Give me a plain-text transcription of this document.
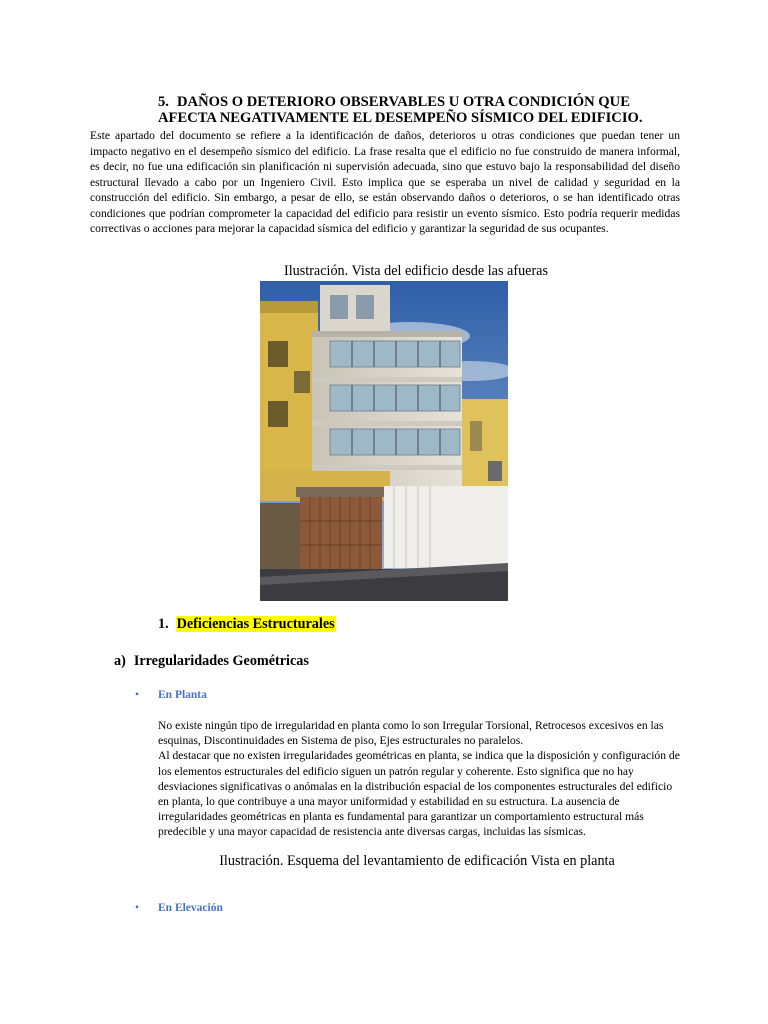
5. DAÑOS O DETERIORO OBSERVABLES U OTRA CONDICIÓN QUE
AFECTA NEGATIVAMENTE EL DESEMPEÑO SÍSMICO DEL EDIFICIO.
Este apartado del documento se refiere a la identificación de daños, deterioros u otras condiciones que puedan tener un impacto negativo en el desempeño sísmico del edificio. La frase resalta que el edificio no fue construido de manera informal, es decir, no fue una edificación sin planificación ni supervisión adecuada, sino que estuvo bajo la responsabilidad del diseño estructural llevado a cabo por un Ingeniero Civil. Esto implica que se esperaba un nivel de calidad y seguridad en la construcción del edificio. Sin embargo, a pesar de ello, se están observando daños o deterioros, o se han identificado otras condiciones que podrían comprometer la capacidad del edificio para resistir un evento sísmico. Esto podría requerir medidas correctivas o acciones para mejorar la capacidad sísmica del edificio y garantizar la seguridad de sus ocupantes.
Ilustración. Vista del edificio desde las afueras
1. Deficiencias Estructurales
a) Irregularidades Geométricas
• En Planta

No existe ningún tipo de irregularidad en planta como lo son Irregular Torsional, Retrocesos excesivos en las esquinas, Discontinuidades en Sistema de piso, Ejes estructurales no paralelos.

Al destacar que no existen irregularidades geométricas en planta, se indica que la disposición y configuración de los elementos estructurales del edificio siguen un patrón regular y coherente. Esto significa que no hay desviaciones significativas o anómalas en la distribución espacial de los componentes estructurales del edificio en planta, lo que contribuye a una mayor uniformidad y estabilidad en su estructura. La ausencia de irregularidades geométricas en planta es fundamental para garantizar un comportamiento estructural más predecible y una mayor capacidad de resistencia ante diversas cargas, incluidas las sísmicas.

Ilustración. Esquema del levantamiento de edificación Vista en planta
• En Elevación
